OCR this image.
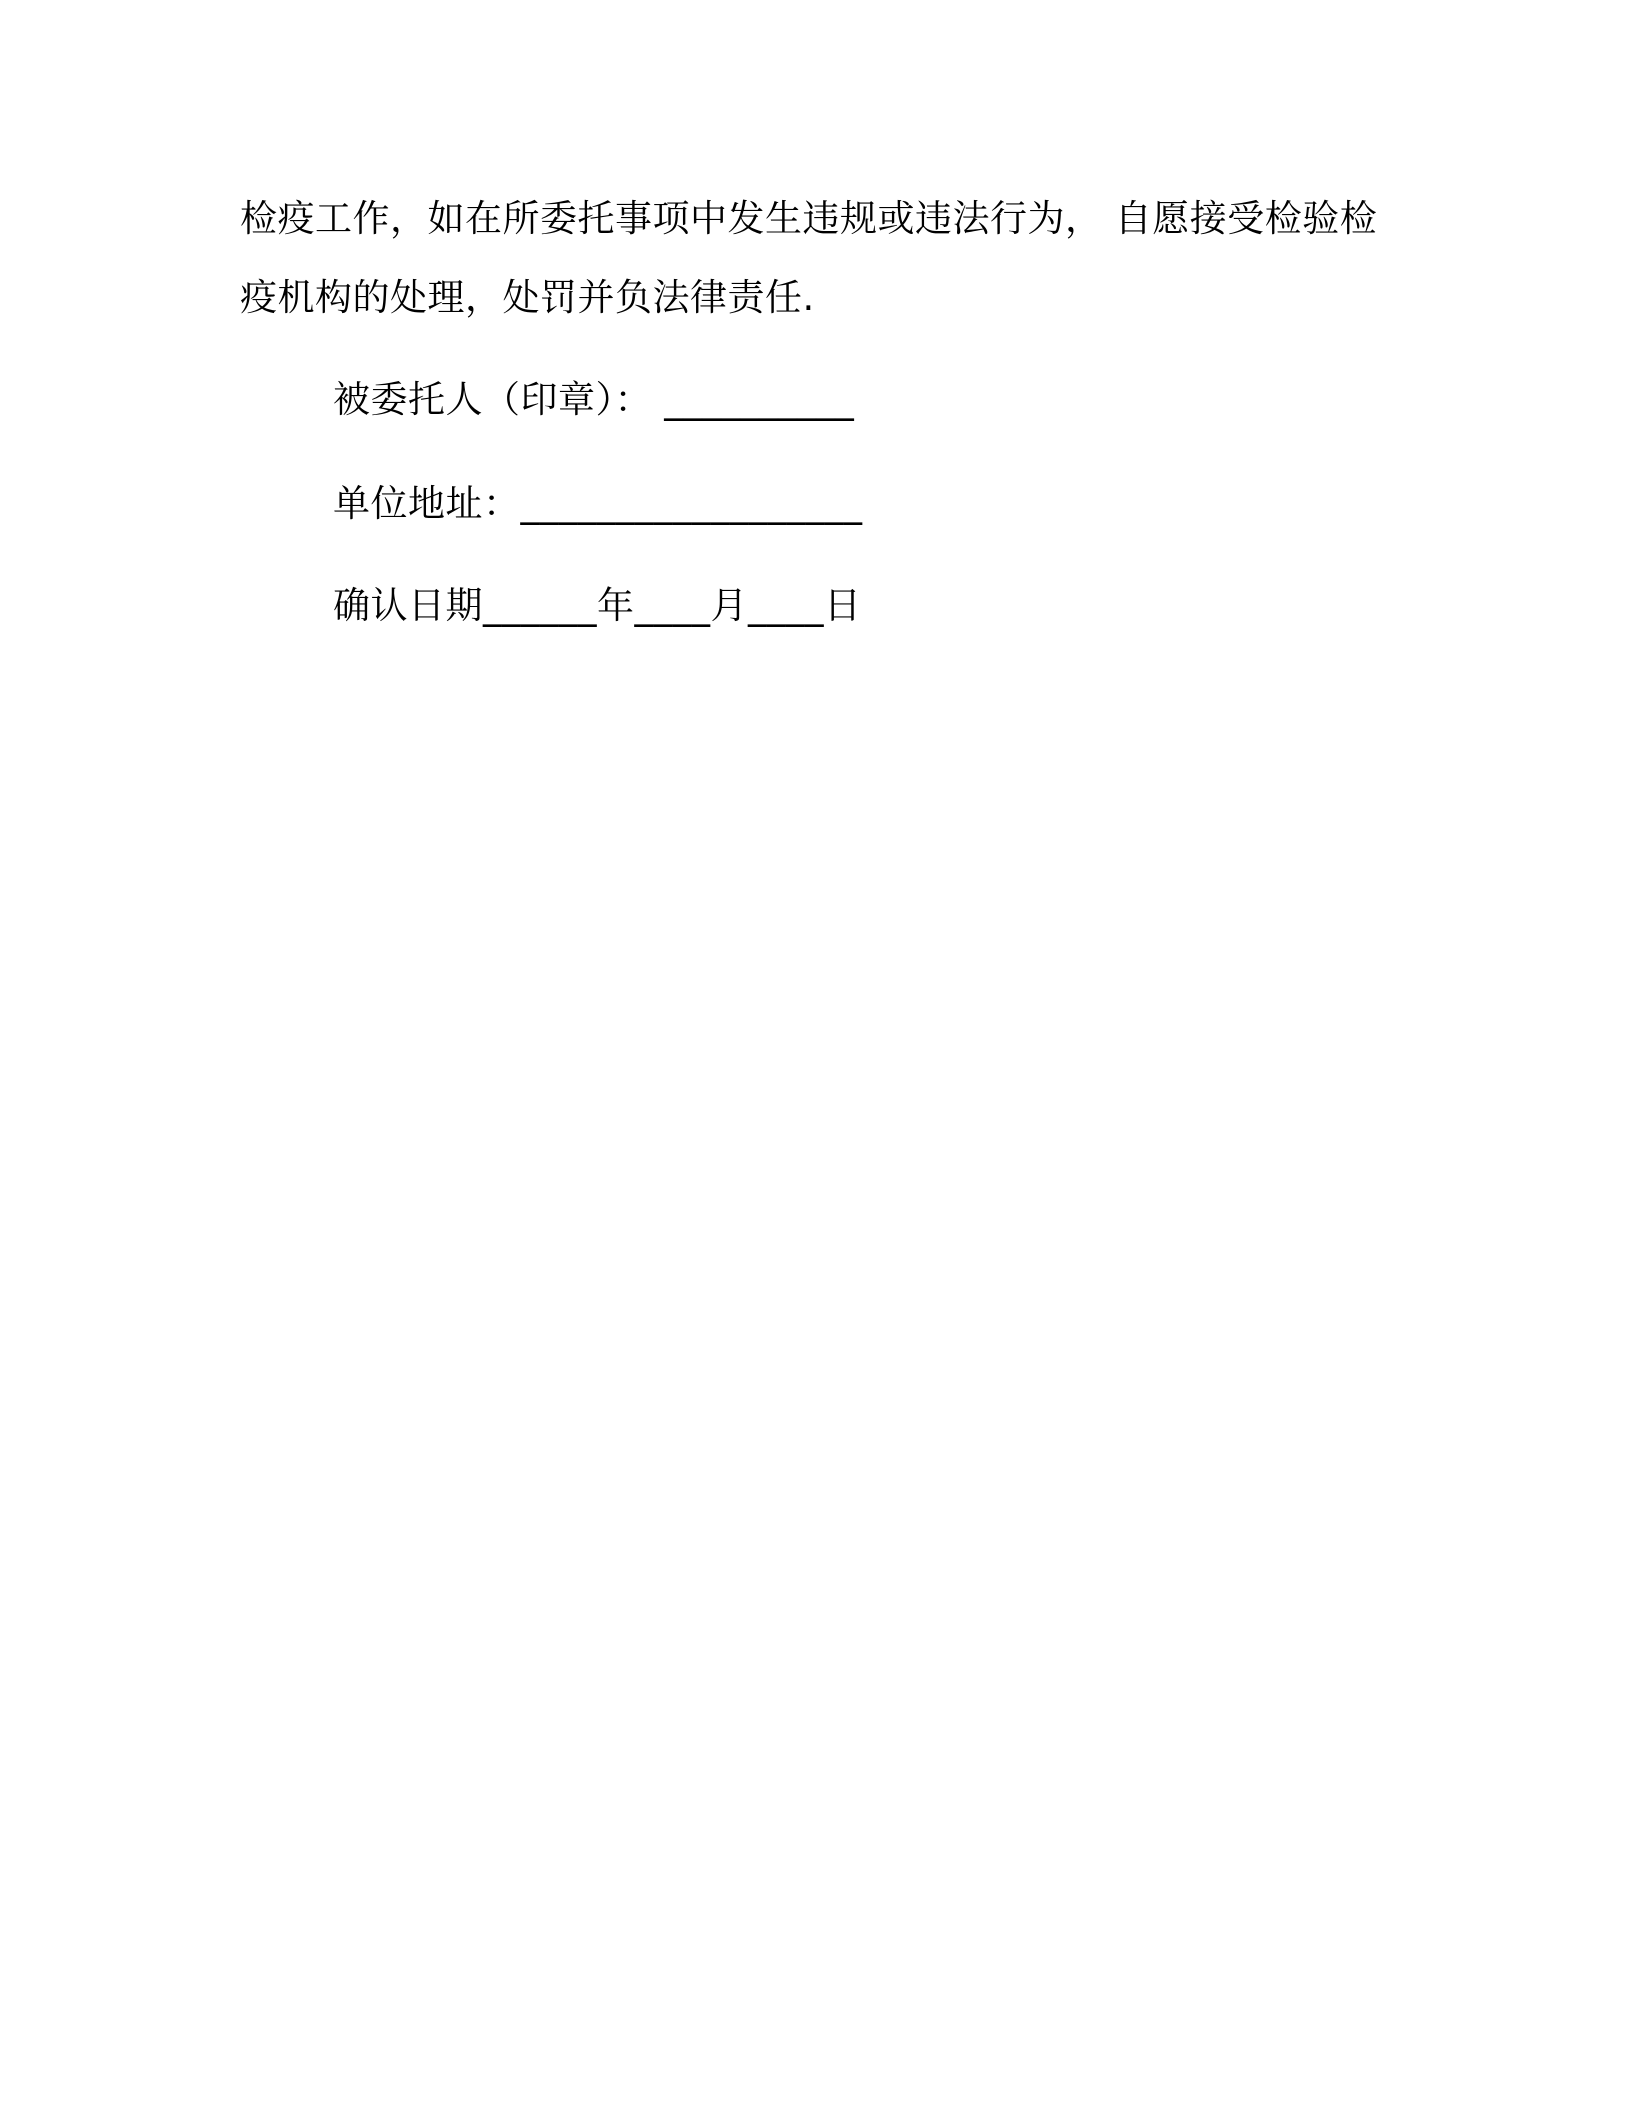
检疫工作，如在所委托事项中发生违规或违法行为， 自愿接受检验检
疫机构的处理，处罚并负法律责任.
被委托人（印章）： __________
单位地址：__________________
确认日期______年____月____日
